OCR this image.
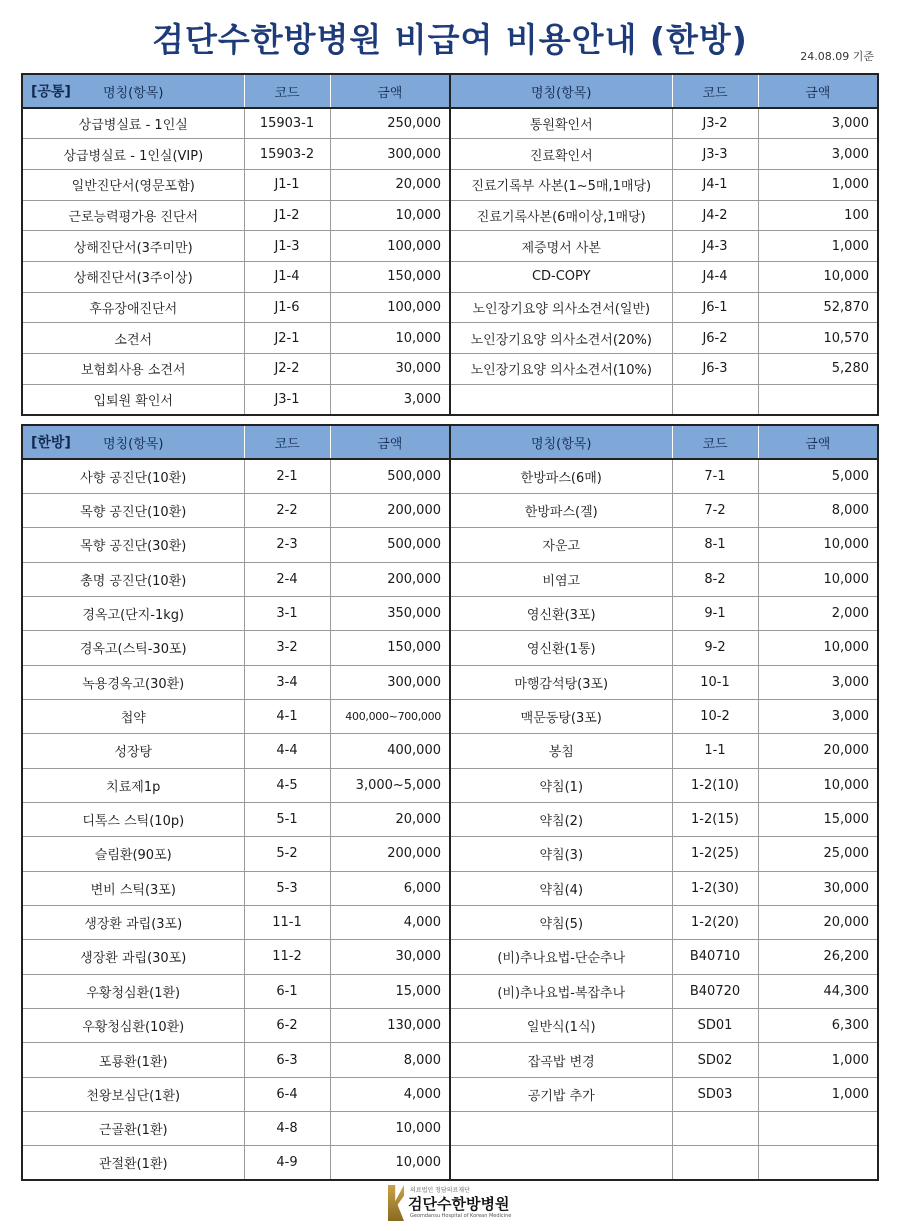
검단수한방병원 비급여 비용안내 (한방)	24.08.09 기준
[공통] 명칭(항목)	코드	금액	명칭(항목)	코드	금액
상급병실료 - 1인실	15903-1	250,000	통원확인서	J3-2	3,000
상급병실료 - 1인실(VIP)	15903-2	300,000	진료확인서	J3-3	3,000
일반진단서(영문포함)	J1-1	20,000	진료기록부 사본(1~5매,1매당)	J4-1	1,000
근로능력평가용 진단서	J1-2	10,000	진료기록사본(6매이상,1매당)	J4-2	100
상해진단서(3주미만)	J1-3	100,000	제증명서 사본	J4-3	1,000
상해진단서(3주이상)	J1-4	150,000	CD-COPY	J4-4	10,000
후유장애진단서	J1-6	100,000	노인장기요양 의사소견서(일반)	J6-1	52,870
소견서	J2-1	10,000	노인장기요양 의사소견서(20%)	J6-2	10,570
보험회사용 소견서	J2-2	30,000	노인장기요양 의사소견서(10%)	J6-3	5,280
입퇴원 확인서	J3-1	3,000			
[한방] 명칭(항목)	코드	금액	명칭(항목)	코드	금액
사향 공진단(10환)	2-1	500,000	한방파스(6매)	7-1	5,000
목향 공진단(10환)	2-2	200,000	한방파스(겔)	7-2	8,000
목향 공진단(30환)	2-3	500,000	자운고	8-1	10,000
총명 공진단(10환)	2-4	200,000	비염고	8-2	10,000
경옥고(단지-1kg)	3-1	350,000	영신환(3포)	9-1	2,000
경옥고(스틱-30포)	3-2	150,000	영신환(1통)	9-2	10,000
녹용경옥고(30환)	3-4	300,000	마행감석탕(3포)	10-1	3,000
첩약	4-1	400,000~700,000	맥문동탕(3포)	10-2	3,000
성장탕	4-4	400,000	봉침	1-1	20,000
치료제1p	4-5	3,000~5,000	약침(1)	1-2(10)	10,000
디톡스 스틱(10p)	5-1	20,000	약침(2)	1-2(15)	15,000
슬림환(90포)	5-2	200,000	약침(3)	1-2(25)	25,000
변비 스틱(3포)	5-3	6,000	약침(4)	1-2(30)	30,000
생장환 과립(3포)	11-1	4,000	약침(5)	1-2(20)	20,000
생장환 과립(30포)	11-2	30,000	(비)추나요법-단순추나	B40710	26,200
우황청심환(1환)	6-1	15,000	(비)추나요법-복잡추나	B40720	44,300
우황청심환(10환)	6-2	130,000	일반식(1식)	SD01	6,300
포룡환(1환)	6-3	8,000	잡곡밥 변경	SD02	1,000
천왕보심단(1환)	6-4	4,000	공기밥 추가	SD03	1,000
근골환(1환)	4-8	10,000			
관절환(1환)	4-9	10,000			
의료법인 청담의료재단
검단수한방병원
Geomdansu Hospital of Korean Medicine
